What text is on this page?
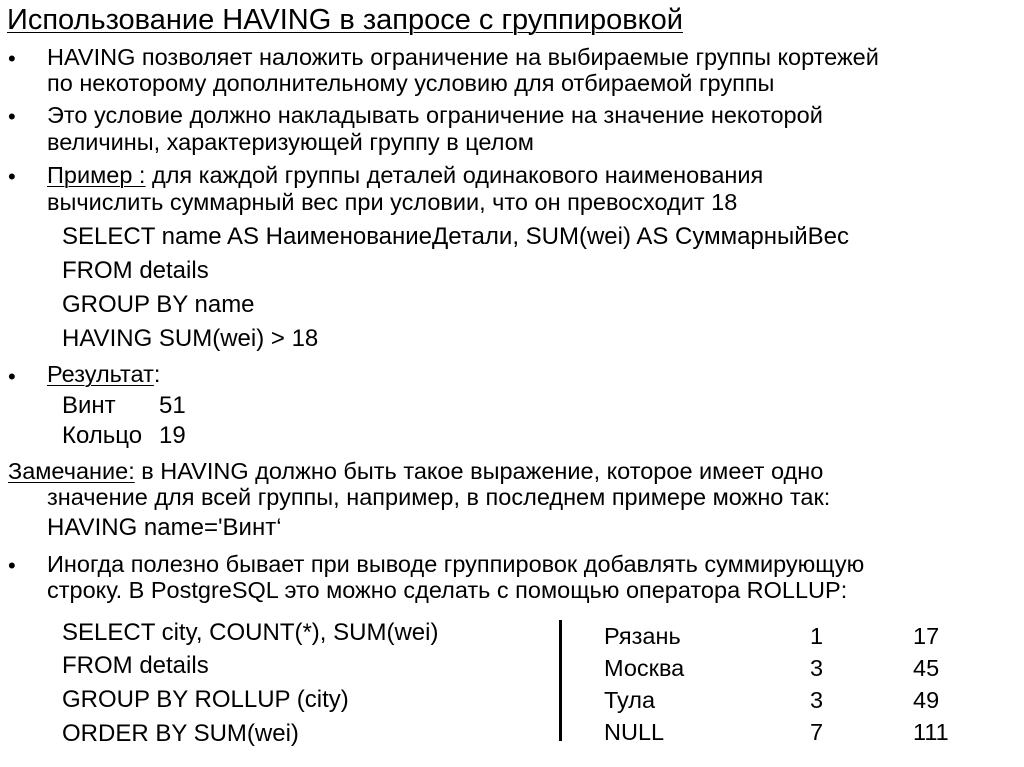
Использование HAVING в запросе с группировкой
• HAVING позволяет наложить ограничение на выбираемые группы кортежей
по некоторому дополнительному условию для отбираемой группы
• Это условие должно накладывать ограничение на значение некоторой
величины, характеризующей группу в целом
• Пример : для каждой группы деталей одинакового наименования
вычислить суммарный вес при условии, что он превосходит 18
SELECT name AS НаименованиеДетали, SUM(wei) AS СуммарныйВес
FROM details
GROUP BY name
HAVING SUM(wei) > 18
• Результат:
Винт 51
Кольцо 19
Замечание: в HAVING должно быть такое выражение, которое имеет одно
значение для всей группы, например, в последнем примере можно так:
HAVING name='Винт‘
• Иногда полезно бывает при выводе группировок добавлять суммирующую
строку. В PostgreSQL это можно сделать с помощью оператора ROLLUP:
SELECT city, COUNT(*), SUM(wei)
FROM details
GROUP BY ROLLUP (city)
ORDER BY SUM(wei)
Рязань	1	17
Москва	3	45
Тула	3	49
NULL	7	111
